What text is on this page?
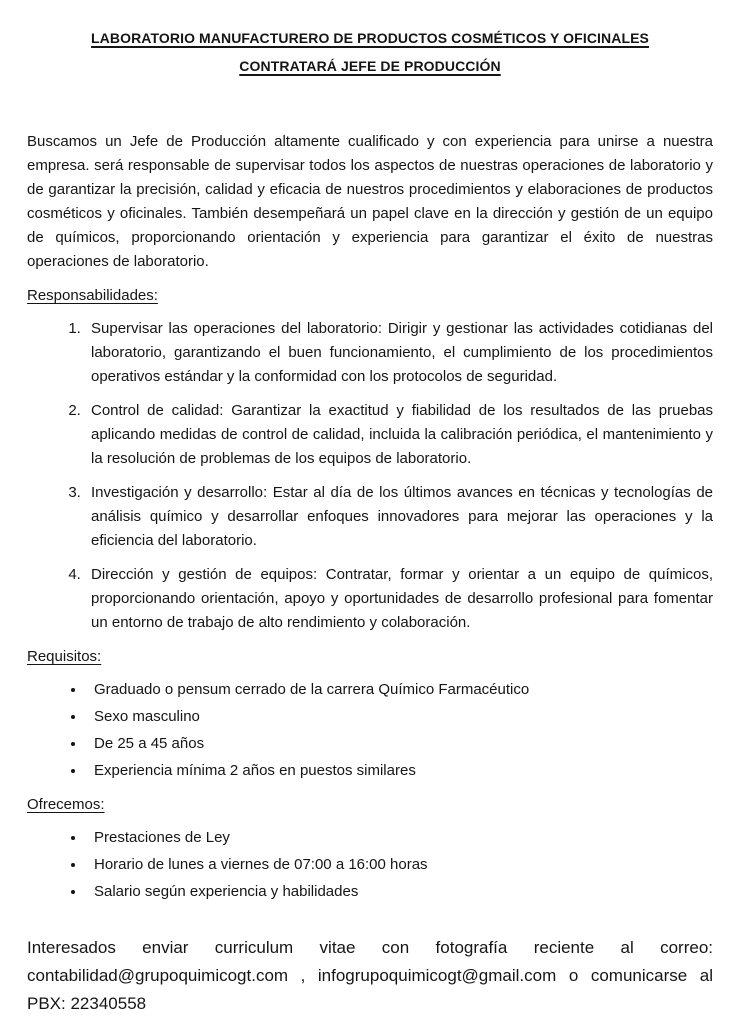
LABORATORIO MANUFACTURERO DE PRODUCTOS COSMÉTICOS Y OFICINALES
CONTRATARÁ JEFE DE PRODUCCIÓN

Buscamos un Jefe de Producción altamente cualificado y con experiencia para unirse a nuestra empresa. será responsable de supervisar todos los aspectos de nuestras operaciones de laboratorio y de garantizar la precisión, calidad y eficacia de nuestros procedimientos y elaboraciones de productos cosméticos y oficinales. También desempeñará un papel clave en la dirección y gestión de un equipo de químicos, proporcionando orientación y experiencia para garantizar el éxito de nuestras operaciones de laboratorio.

Responsabilidades:
1. Supervisar las operaciones del laboratorio: Dirigir y gestionar las actividades cotidianas del laboratorio, garantizando el buen funcionamiento, el cumplimiento de los procedimientos operativos estándar y la conformidad con los protocolos de seguridad.
2. Control de calidad: Garantizar la exactitud y fiabilidad de los resultados de las pruebas aplicando medidas de control de calidad, incluida la calibración periódica, el mantenimiento y la resolución de problemas de los equipos de laboratorio.
3. Investigación y desarrollo: Estar al día de los últimos avances en técnicas y tecnologías de análisis químico y desarrollar enfoques innovadores para mejorar las operaciones y la eficiencia del laboratorio.
4. Dirección y gestión de equipos: Contratar, formar y orientar a un equipo de químicos, proporcionando orientación, apoyo y oportunidades de desarrollo profesional para fomentar un entorno de trabajo de alto rendimiento y colaboración.
Requisitos:
• Graduado o pensum cerrado de la carrera Químico Farmacéutico
• Sexo masculino
• De 25 a 45 años
• Experiencia mínima 2 años en puestos similares
Ofrecemos:
• Prestaciones de Ley
• Horario de lunes a viernes de 07:00 a 16:00 horas
• Salario según experiencia y habilidades

Interesados enviar curriculum vitae con fotografía reciente al correo: contabilidad@grupoquimicogt.com , infogrupoquimicogt@gmail.com o comunicarse al PBX: 22340558
